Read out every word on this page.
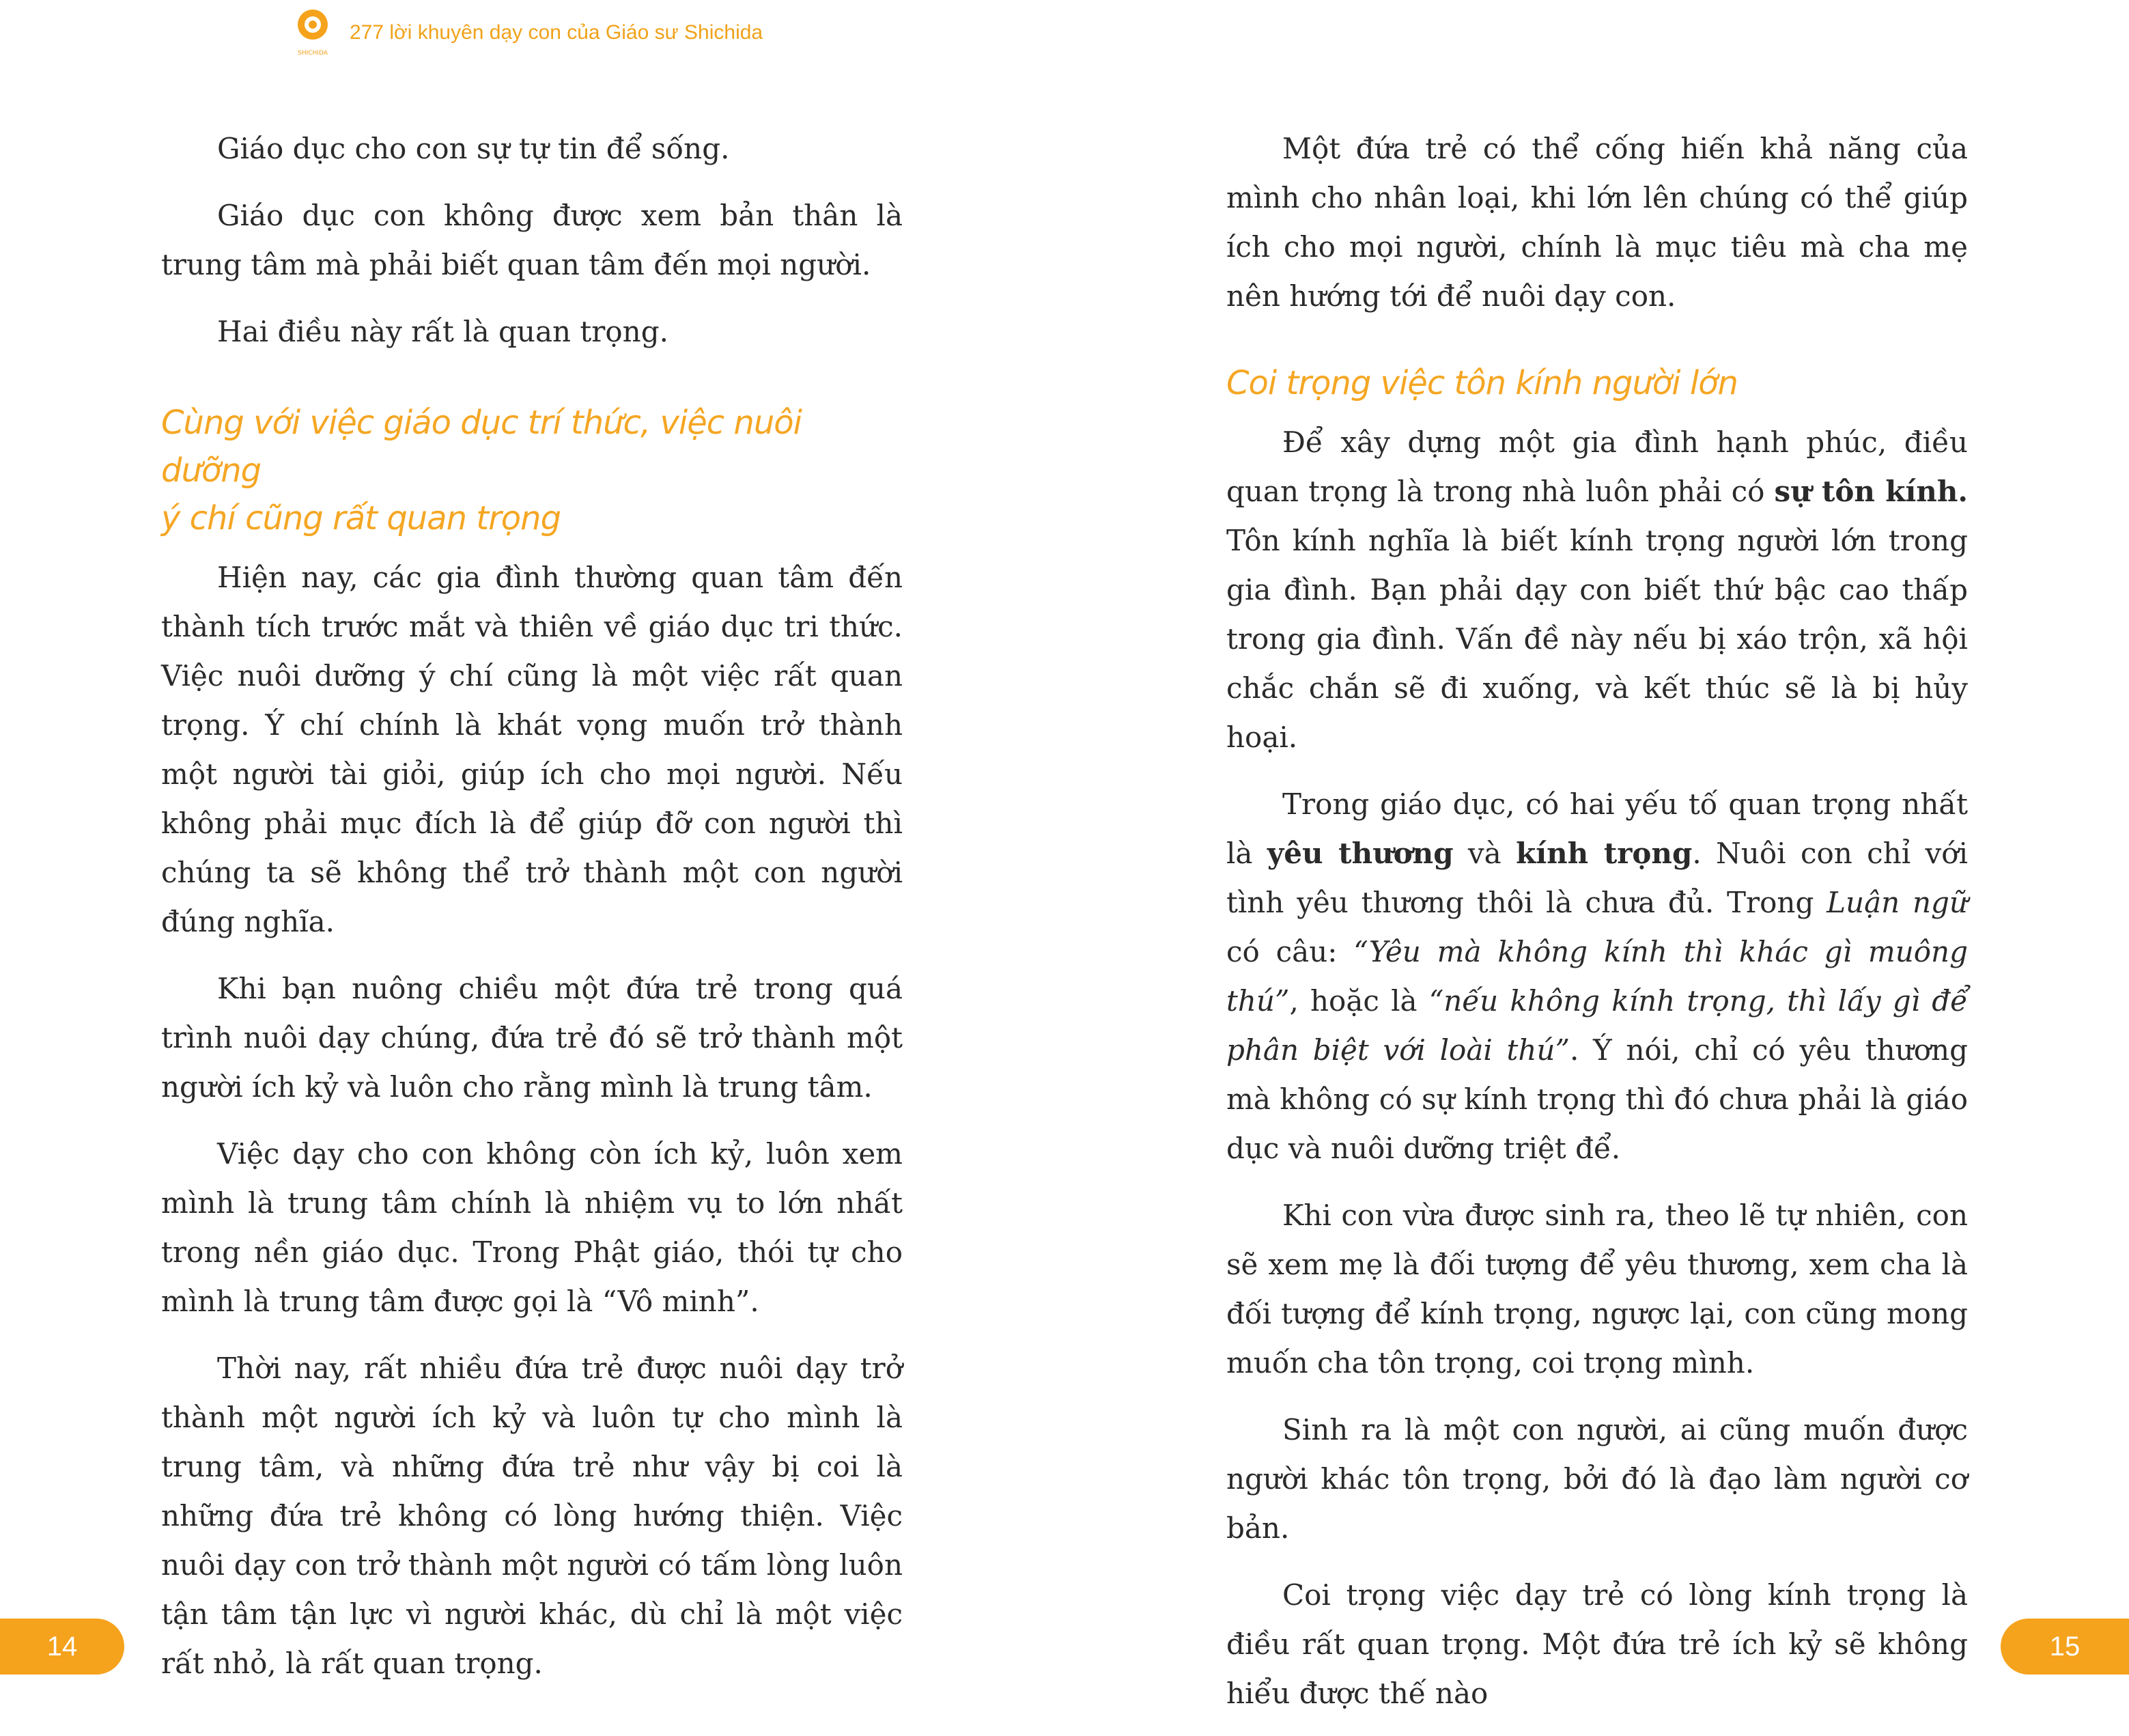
SHICHIDA
277 lời khuyên dạy con của Giáo sư Shichida

Giáo dục cho con sự tự tin để sống.

Giáo dục con không được xem bản thân là trung tâm mà phải biết quan tâm đến mọi người.

Hai điều này rất là quan trọng.

Cùng với việc giáo dục trí thức, việc nuôi dưỡng
ý chí cũng rất quan trọng

Hiện nay, các gia đình thường quan tâm đến thành tích trước mắt và thiên về giáo dục tri thức. Việc nuôi dưỡng ý chí cũng là một việc rất quan trọng. Ý chí chính là khát vọng muốn trở thành một người tài giỏi, giúp ích cho mọi người. Nếu không phải mục đích là để giúp đỡ con người thì chúng ta sẽ không thể trở thành một con người đúng nghĩa.

Khi bạn nuông chiều một đứa trẻ trong quá trình nuôi dạy chúng, đứa trẻ đó sẽ trở thành một người ích kỷ và luôn cho rằng mình là trung tâm.

Việc dạy cho con không còn ích kỷ, luôn xem mình là trung tâm chính là nhiệm vụ to lớn nhất trong nền giáo dục. Trong Phật giáo, thói tự cho mình là trung tâm được gọi là “Vô minh”.

Thời nay, rất nhiều đứa trẻ được nuôi dạy trở thành một người ích kỷ và luôn tự cho mình là trung tâm, và những đứa trẻ như vậy bị coi là những đứa trẻ không có lòng hướng thiện. Việc nuôi dạy con trở thành một người có tấm lòng luôn tận tâm tận lực vì người khác, dù chỉ là một việc rất nhỏ, là rất quan trọng.

Một đứa trẻ có thể cống hiến khả năng của mình cho nhân loại, khi lớn lên chúng có thể giúp ích cho mọi người, chính là mục tiêu mà cha mẹ nên hướng tới để nuôi dạy con.

Coi trọng việc tôn kính người lớn

Để xây dựng một gia đình hạnh phúc, điều quan trọng là trong nhà luôn phải có sự tôn kính. Tôn kính nghĩa là biết kính trọng người lớn trong gia đình. Bạn phải dạy con biết thứ bậc cao thấp trong gia đình. Vấn đề này nếu bị xáo trộn, xã hội chắc chắn sẽ đi xuống, và kết thúc sẽ là bị hủy hoại.

Trong giáo dục, có hai yếu tố quan trọng nhất là yêu thương và kính trọng. Nuôi con chỉ với tình yêu thương thôi là chưa đủ. Trong Luận ngữ có câu: “Yêu mà không kính thì khác gì muông thú”, hoặc là “nếu không kính trọng, thì lấy gì để phân biệt với loài thú”. Ý nói, chỉ có yêu thương mà không có sự kính trọng thì đó chưa phải là giáo dục và nuôi dưỡng triệt để.

Khi con vừa được sinh ra, theo lẽ tự nhiên, con sẽ xem mẹ là đối tượng để yêu thương, xem cha là đối tượng để kính trọng, ngược lại, con cũng mong muốn cha tôn trọng, coi trọng mình.

Sinh ra là một con người, ai cũng muốn được người khác tôn trọng, bởi đó là đạo làm người cơ bản.

Coi trọng việc dạy trẻ có lòng kính trọng là điều rất quan trọng. Một đứa trẻ ích kỷ sẽ không hiểu được thế nào

14	15
